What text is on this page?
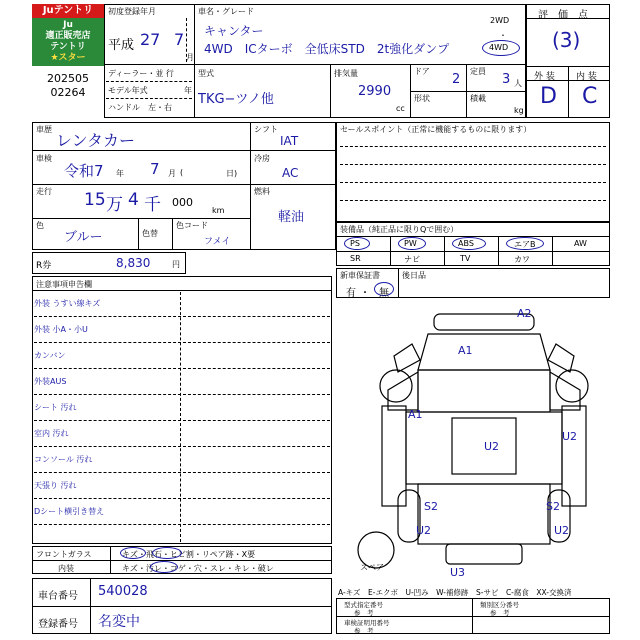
Juテントリ
Ju
適正販売店
テントリ
★スター
202505
02264
初度登録年月
平成 27 7
月
車名・グレード
キャンター
4WD　ICターボ　全低床STD　2t強化ダンプ
2WD
・
4WD
ディーラー・並 行
モデル年式	年
ハンドル　左・右
型式
TKG−ツノ他
排気量
2990
cc
ドア
2
定員
3 人
形状	積載
kg
評　価　点
(3)
外 装 内 装
D C
車歴
レンタカー
車検
令和7 年 7 月 (	日)
走行 15 万 4 千 000
km
色
ブルー	色替
色コード
フメイ
シフト
IAT
冷房
AC
燃料
軽油
セールスポイント（正常に機能するものに限ります）
装備品（純正品に限りQで囲む）
PS	PW	ABS	エアB	AW
SR	ナビ	TV	カワ
新車保証書
有 ・ 無
後日品
R券	8,830	円
注意事項申告欄
外装 うすい線キズ
外装 小A・小U
カンバン
外装AUS
シート 汚れ
室内 汚れ
コンソール 汚れ
天張り 汚れ
Dシート横引き替え
フロントガラス	キズ・飛石・ヒビ割・リペア跡・X要
内装	キズ・汚レ・コゲ・穴・スレ・キレ・破レ
車台番号 540028
登録番号 名変中
A2
A1
A1
U2
U2
S2	S2
U2	U2
U3
スペア
A-キズ　E-エクボ　U-凹み　W-補修跡　S-サビ　C-腐食　XX-交換済
型式指定番号
参　考
類別区分番号
参　考
車検証明用番号
参　考
